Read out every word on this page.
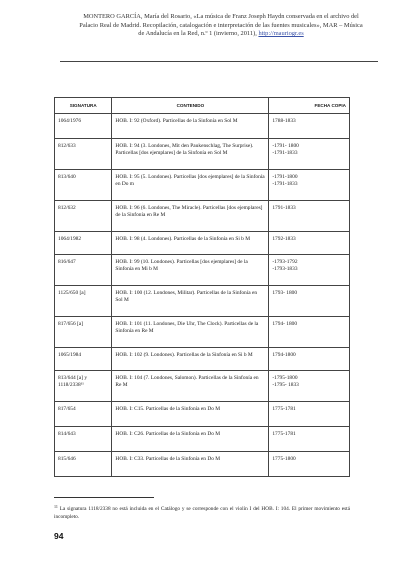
MONTERO GARCÍA, María del Rosario, «La música de Franz Joseph Haydn conservada en el archivo del Palacio Real de Madrid. Recopilación, catalogación e interpretación de las fuentes musicales», MAR – Música de Andalucía en la Red, n.º 1 (invierno, 2011), http://mauriogr.es
SIGNATURA	CONTENIDO	FECHA COPIA
1064/1976	HOB. I: 92 (Oxford). Particellas de la Sinfonía en Sol M	1788-1833
812/633	HOB. I: 94 (3. Londones, Mit den Paukenschlag, The Surprise). Particellas [dos ejemplares] de la Sinfonía en Sol M	-1791- 1800
-1791-1833
813/640	HOB. I: 95 (5. Londones). Particellas [dos ejemplares] de la Sinfonía en Do m	-1791-1800
-1791-1833
812/632	HOB. I: 96 (6. Londones, The Miracle). Particellas [dos ejemplares] de la Sinfonía en Re M	1791-1833
1064/1982	HOB. I: 98 (4. Londones). Particellas de la Sinfonía en Si b M	1792-1833
816/647	HOB. I: 99 (10. Londones). Particellas [dos ejemplares] de la Sinfonía en Mi b M	-1793-1792
-1793-1833
1125/650 [a]	HOB. I: 100 (12. Londones, Militar). Particellas de la Sinfonía en Sol M	1793- 1800
817/656 [a]	HOB. I: 101 (11. Londones, Die Uhr, The Clock). Particellas de la Sinfonía en Re M	1794- 1800
1065/1984	HOB. I: 102 (9. Londones). Particellas de la Sinfonía en Si b M	1794-1800
813/644 [a] y 1118/2338¹¹	HOB. I: 104 (7. Londones, Salomon). Particellas de la Sinfonía en Re M	-1795-1800
-1795- 1833
817/654	HOB. I: C15. Particellas de la Sinfonía en Do M	1775-1781
814/643	HOB. I: C26. Particellas de la Sinfonía en Do M	1775-1781
815/646	HOB. I: C33. Particellas de la Sinfonía en Do M	1775-1800
$^{11}$ La signatura 1118/2338 no está incluida en el Catálogo y se corresponde con el violín I del HOB. I: 104. El primer movimiento está incompleto.
94
